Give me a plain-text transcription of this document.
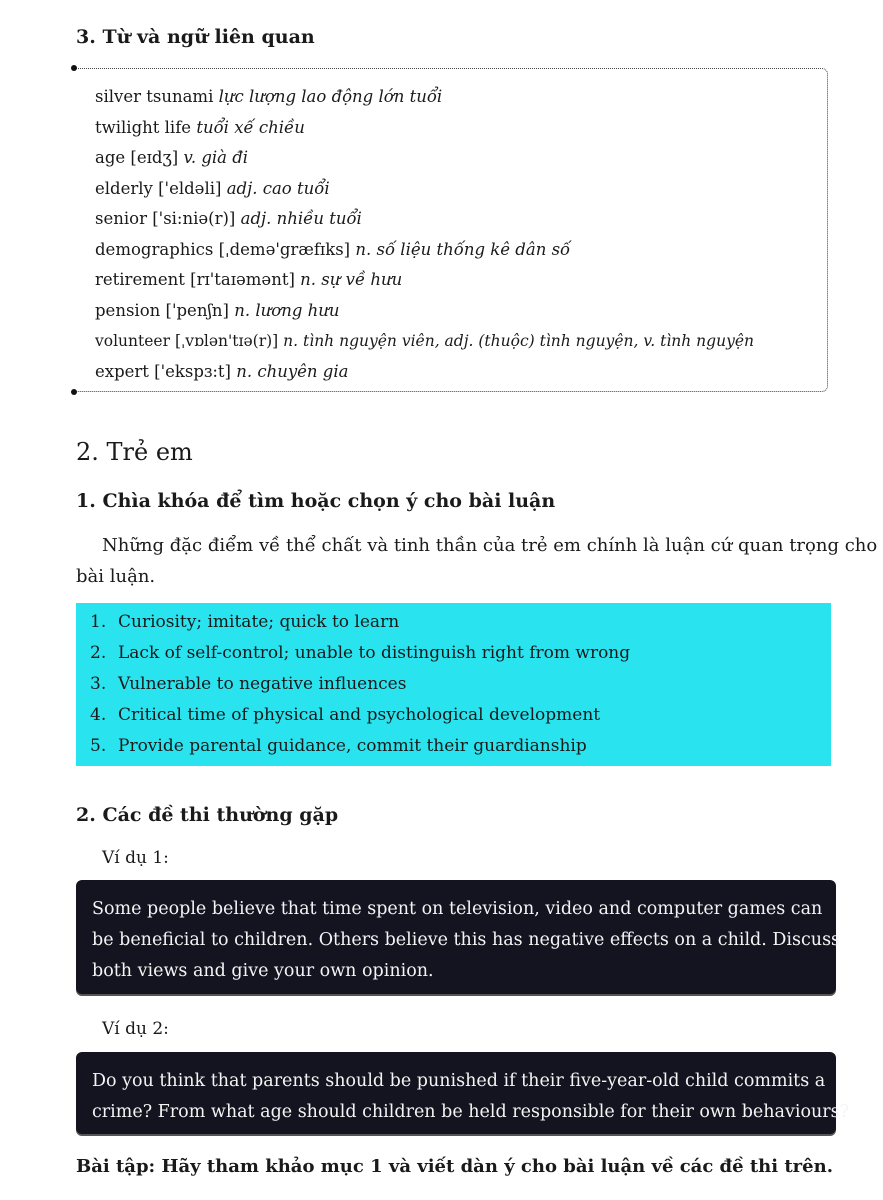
3. Từ và ngữ liên quan
silver tsunami lực lượng lao động lớn tuổi
twilight life tuổi xế chiều
age [eɪdʒ] v. già đi
elderly ['eldəli] adj. cao tuổi
senior ['si:niə(r)] adj. nhiều tuổi
demographics [ˌdemə'græfɪks] n. số liệu thống kê dân số
retirement [rɪ'taɪəmənt] n. sự về hưu
pension ['penʃn] n. lương hưu
volunteer [ˌvɒlən'tɪə(r)] n. tình nguyện viên, adj. (thuộc) tình nguyện, v. tình nguyện
expert ['ekspɜ:t] n. chuyên gia
2. Trẻ em
1. Chìa khóa để tìm hoặc chọn ý cho bài luận
Những đặc điểm về thể chất và tinh thần của trẻ em chính là luận cứ quan trọng cho
bài luận.
1. Curiosity; imitate; quick to learn
2. Lack of self-control; unable to distinguish right from wrong
3. Vulnerable to negative influences
4. Critical time of physical and psychological development
5. Provide parental guidance, commit their guardianship
2. Các đề thi thường gặp
Ví dụ 1:
Some people believe that time spent on television, video and computer games can
be beneficial to children. Others believe this has negative effects on a child. Discuss
both views and give your own opinion.
Ví dụ 2:
Do you think that parents should be punished if their five-year-old child commits a
crime? From what age should children be held responsible for their own behaviours?
Bài tập: Hãy tham khảo mục 1 và viết dàn ý cho bài luận về các đề thi trên.
